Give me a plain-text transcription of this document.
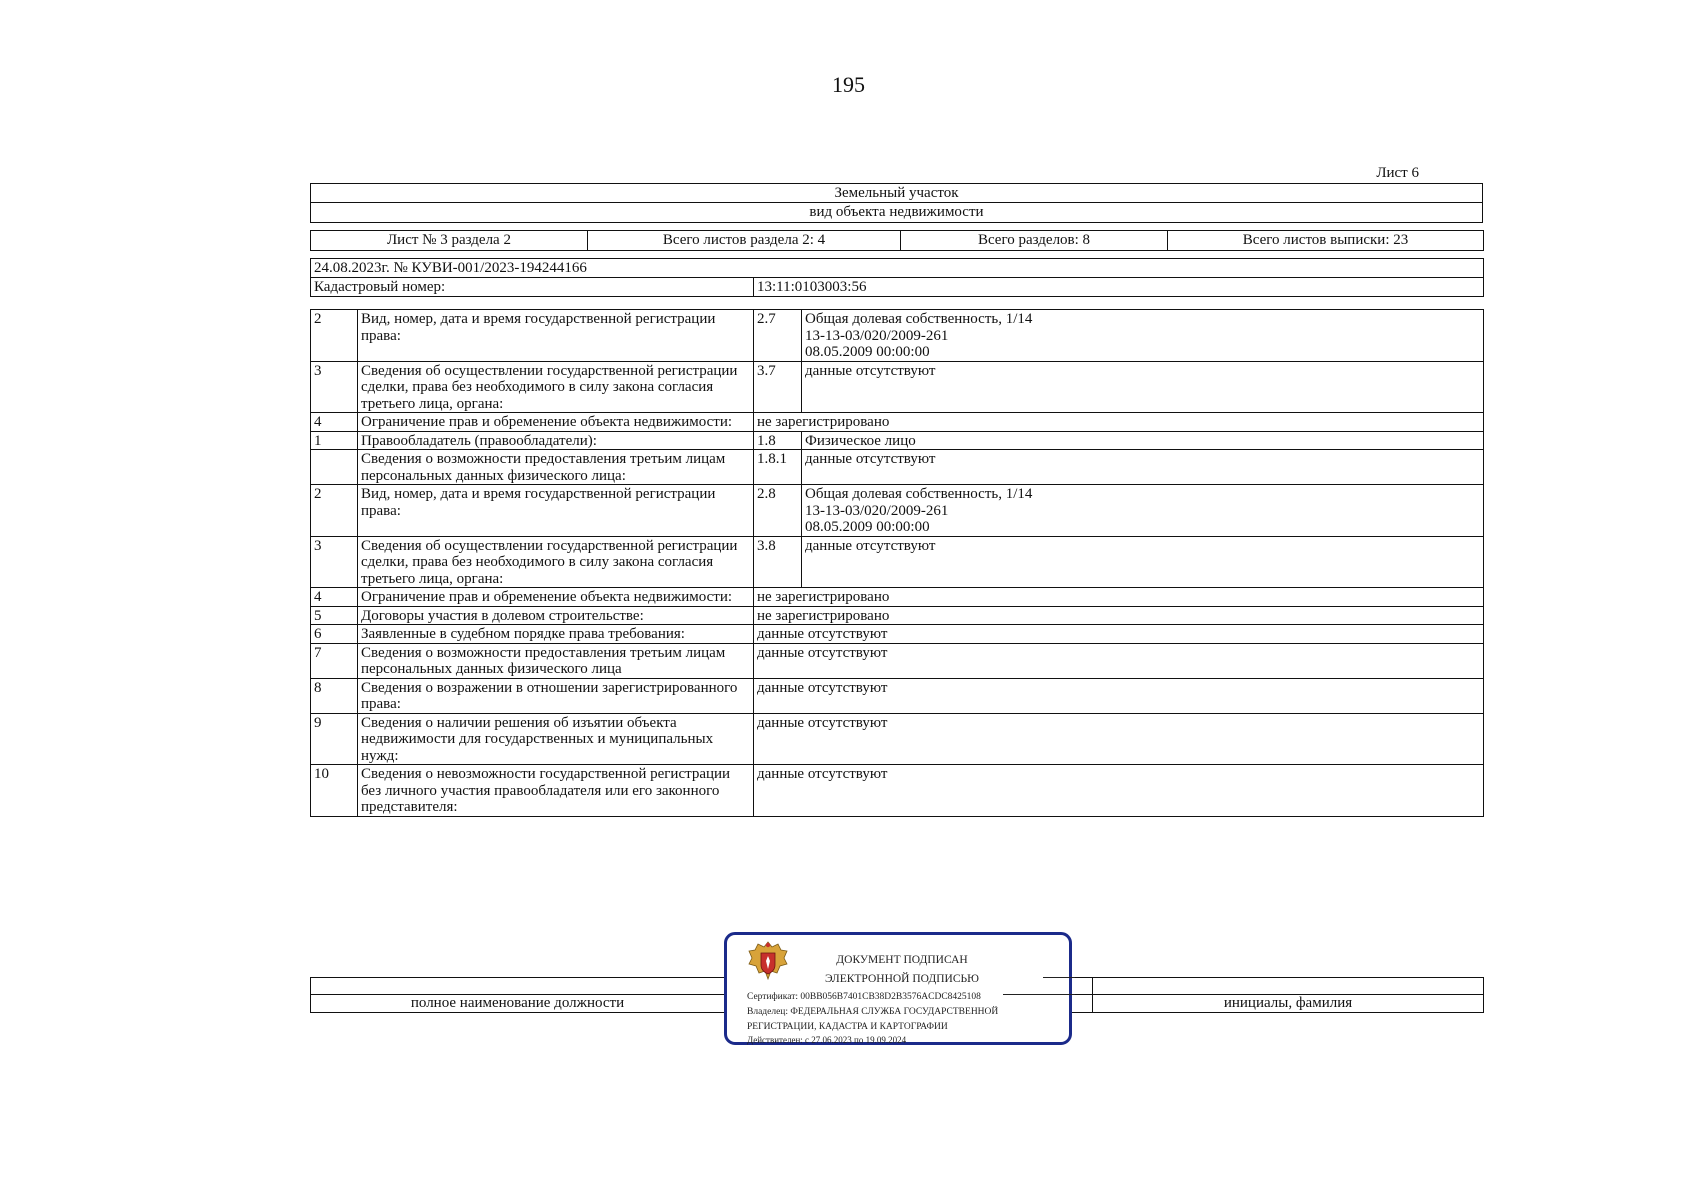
195
Лист 6
Земельный участок
вид объекта недвижимости
Лист № 3 раздела 2	Всего листов раздела 2: 4	Всего разделов: 8	Всего листов выписки: 23
24.08.2023г. № КУВИ-001/2023-194244166
Кадастровый номер:	13:11:0103003:56
2	Вид, номер, дата и время государственной регистрации права:	2.7	Общая долевая собственность, 1/14
13-13-03/020/2009-261
08.05.2009 00:00:00
3	Сведения об осуществлении государственной регистрации сделки, права без необходимого в силу закона согласия третьего лица, органа:	3.7	данные отсутствуют
4	Ограничение прав и обременение объекта недвижимости:	не зарегистрировано	
1	Правообладатель (правообладатели):	1.8	Физическое лицо
	Сведения о возможности предоставления третьим лицам персональных данных физического лица:	1.8.1	данные отсутствуют
2	Вид, номер, дата и время государственной регистрации права:	2.8	Общая долевая собственность, 1/14
13-13-03/020/2009-261
08.05.2009 00:00:00
3	Сведения об осуществлении государственной регистрации сделки, права без необходимого в силу закона согласия третьего лица, органа:	3.8	данные отсутствуют
4	Ограничение прав и обременение объекта недвижимости:	не зарегистрировано	
5	Договоры участия в долевом строительстве:	не зарегистрировано	
6	Заявленные в судебном порядке права требования:	данные отсутствуют	
7	Сведения о возможности предоставления третьим лицам персональных данных физического лица	данные отсутствуют	
8	Сведения о возражении в отношении зарегистрированного права:	данные отсутствуют	
9	Сведения о наличии решения об изъятии объекта недвижимости для государственных и муниципальных нужд:	данные отсутствуют	
10	Сведения о невозможности государственной регистрации без личного участия правообладателя или его законного представителя:	данные отсутствуют	

полное наименование должности		инициалы, фамилия
ДОКУМЕНТ ПОДПИСАН
ЭЛЕКТРОННОЙ ПОДПИСЬЮ
Сертификат: 00BB056B7401CB38D2B3576ACDC8425108
Владелец: ФЕДЕРАЛЬНАЯ СЛУЖБА ГОСУДАРСТВЕННОЙ
РЕГИСТРАЦИИ, КАДАСТРА И КАРТОГРАФИИ
Действителен: с 27.06.2023 по 19.09.2024
